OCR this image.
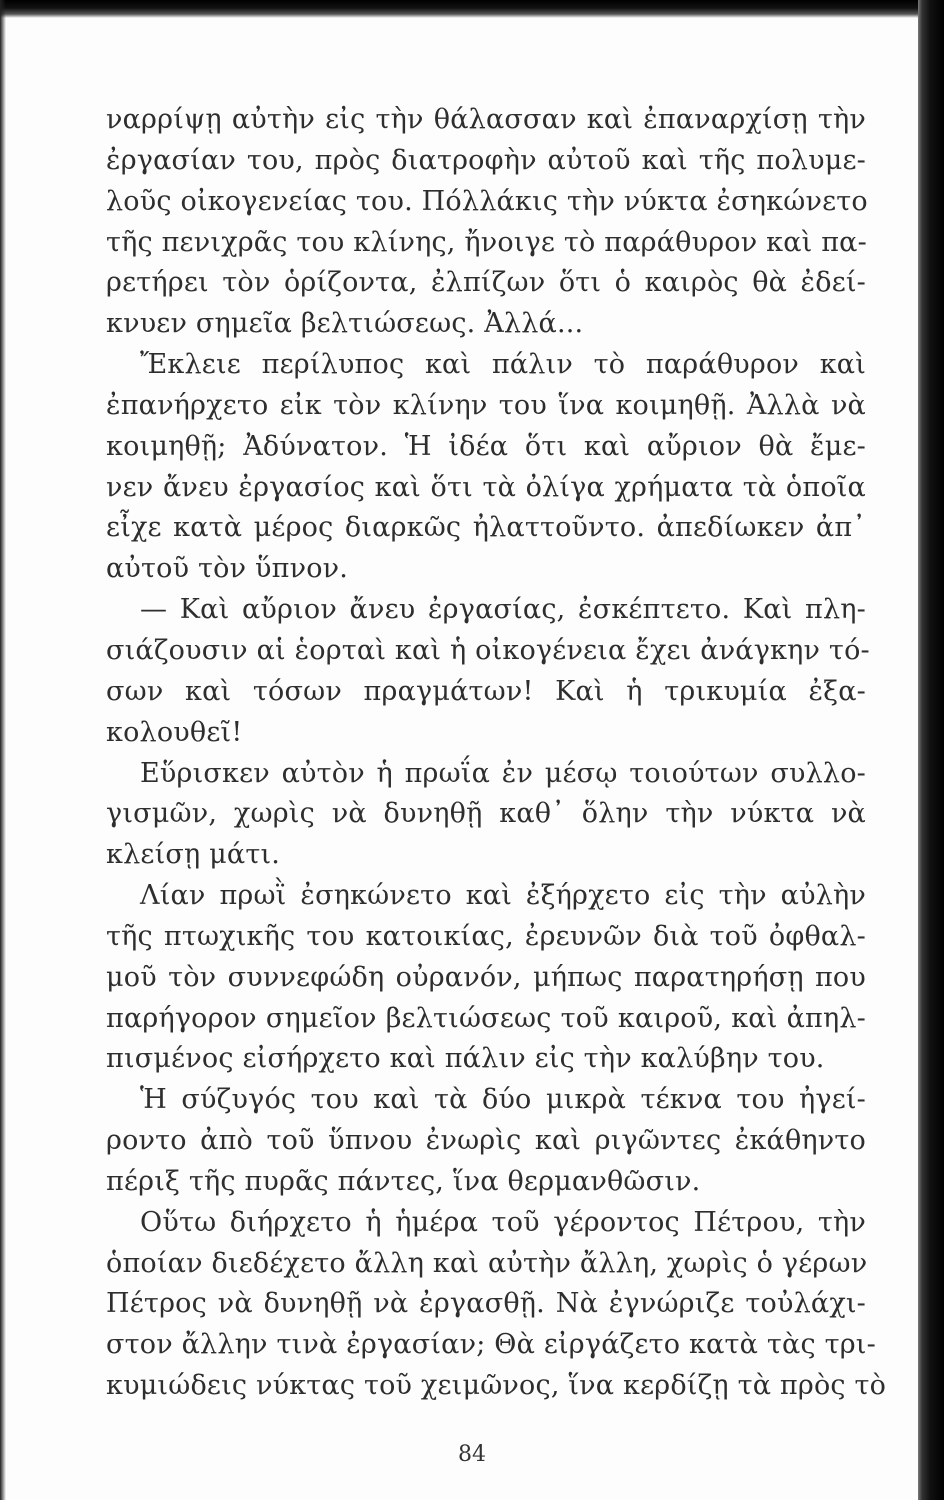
ναρρίψῃ αὐτὴν εἰς τὴν θάλασσαν καὶ ἐπαναρχίσῃ τὴν
ἐργασίαν του, πρὸς διατροφὴν αὐτοῦ καὶ τῆς πολυμε-
λοῦς οἰκογενείας του. Πόλλάκις τὴν νύκτα ἐσηκώνετο
τῆς πενιχρᾶς του κλίνης, ἤνοιγε τὸ παράθυρον καὶ πα-
ρετήρει τὸν ὁρίζοντα, ἐλπίζων ὅτι ὁ καιρὸς θὰ ἐδεί-
κνυεν σημεῖα βελτιώσεως. Ἀλλά...
Ἔκλειε περίλυπος καὶ πάλιν τὸ παράθυρον καὶ
ἐπανήρχετο εἰκ τὸν κλίνην του ἵνα κοιμηθῇ. Ἀλλὰ νὰ
κοιμηθῇ; Ἀδύνατον. Ἡ ἰδέα ὅτι καὶ αὔριον θὰ ἔμε-
νεν ἄνευ ἐργασίος καὶ ὅτι τὰ ὀλίγα χρήματα τὰ ὁποῖα
εἶχε κατὰ μέρος διαρκῶς ἠλαττοῦντο. ἀπεδίωκεν ἀπ᾽
αὐτοῦ τὸν ὕπνον.
— Καὶ αὔριον ἄνευ ἐργασίας, ἐσκέπτετο. Καὶ πλη-
σιάζουσιν αἱ ἑορταὶ καὶ ἡ οἰκογένεια ἔχει ἀνάγκην τό-
σων καὶ τόσων πραγμάτων! Καὶ ἡ τρικυμία ἐξα-
κολουθεῖ!
Εὕρισκεν αὐτὸν ἡ πρωΐα ἐν μέσῳ τοιούτων συλλο-
γισμῶν, χωρὶς νὰ δυνηθῇ καθ᾽ ὅλην τὴν νύκτα νὰ
κλείσῃ μάτι.
Λίαν πρωῒ ἐσηκώνετο καὶ ἐξήρχετο εἰς τὴν αὐλὴν
τῆς πτωχικῆς του κατοικίας, ἐρευνῶν διὰ τοῦ ὀφθαλ-
μοῦ τὸν συννεφώδη οὐρανόν, μήπως παρατηρήσῃ που
παρήγορον σημεῖον βελτιώσεως τοῦ καιροῦ, καὶ ἀπηλ-
πισμένος εἰσήρχετο καὶ πάλιν εἰς τὴν καλύβην του.
Ἡ σύζυγός του καὶ τὰ δύο μικρὰ τέκνα του ἠγεί-
ροντο ἀπὸ τοῦ ὕπνου ἐνωρὶς καὶ ριγῶντες ἐκάθηντο
πέριξ τῆς πυρᾶς πάντες, ἵνα θερμανθῶσιν.
Οὕτω διήρχετο ἡ ἡμέρα τοῦ γέροντος Πέτρου, τὴν
ὁποίαν διεδέχετο ἄλλη καὶ αὐτὴν ἄλλη, χωρὶς ὁ γέρων
Πέτρος νὰ δυνηθῇ νὰ ἐργασθῇ. Νὰ ἐγνώριζε τοὐλάχι-
στον ἄλλην τινὰ ἐργασίαν; Θὰ εἰργάζετο κατὰ τὰς τρι-
κυμιώδεις νύκτας τοῦ χειμῶνος, ἵνα κερδίζῃ τὰ πρὸς τὸ
84
